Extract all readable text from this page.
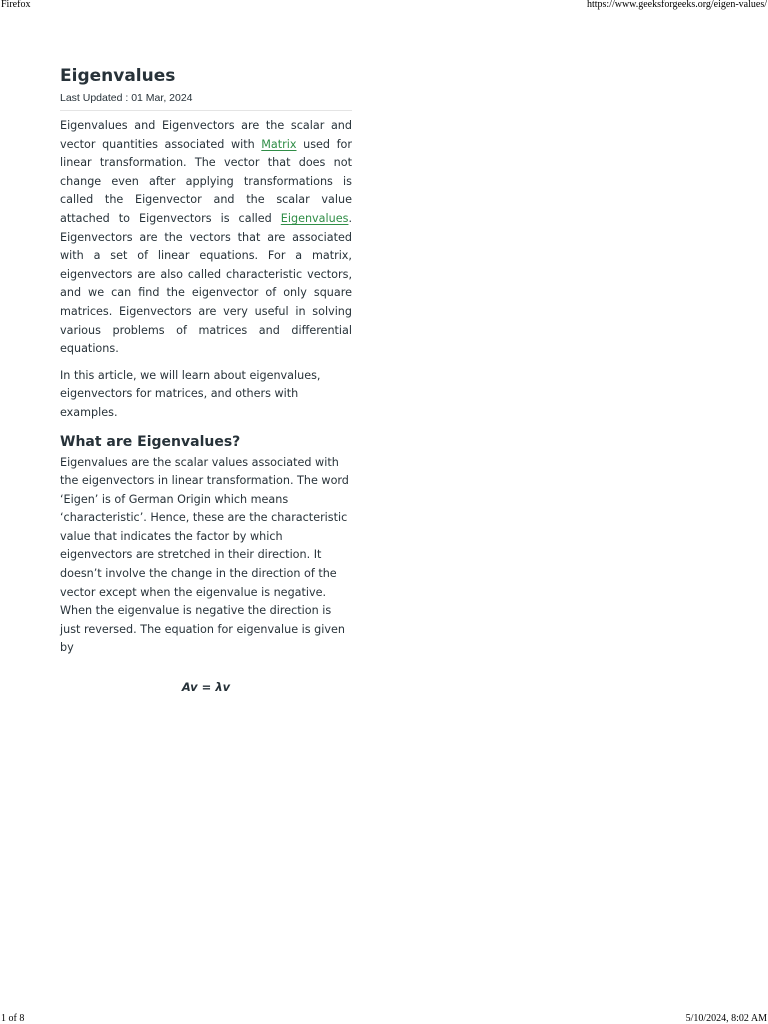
Firefox	https://www.geeksforgeeks.org/eigen-values/
Eigenvalues
Last Updated : 01 Mar, 2024

Eigenvalues and Eigenvectors are the scalar and vector quantities associated with Matrix used for linear transformation. The vector that does not change even after applying transformations is called the Eigenvector and the scalar value attached to Eigenvectors is called Eigenvalues. Eigenvectors are the vectors that are associated with a set of linear equations. For a matrix, eigenvectors are also called characteristic vectors, and we can find the eigenvector of only square matrices. Eigenvectors are very useful in solving various problems of matrices and differential equations.

In this article, we will learn about eigenvalues, eigenvectors for matrices, and others with examples.

What are Eigenvalues?

Eigenvalues are the scalar values associated with the eigenvectors in linear transformation. The word ‘Eigen’ is of German Origin which means ‘characteristic’. Hence, these are the characteristic value that indicates the factor by which eigenvectors are stretched in their direction. It doesn’t involve the change in the direction of the vector except when the eigenvalue is negative. When the eigenvalue is negative the direction is just reversed. The equation for eigenvalue is given by

Av = λv
1 of 8	5/10/2024, 8:02 AM
